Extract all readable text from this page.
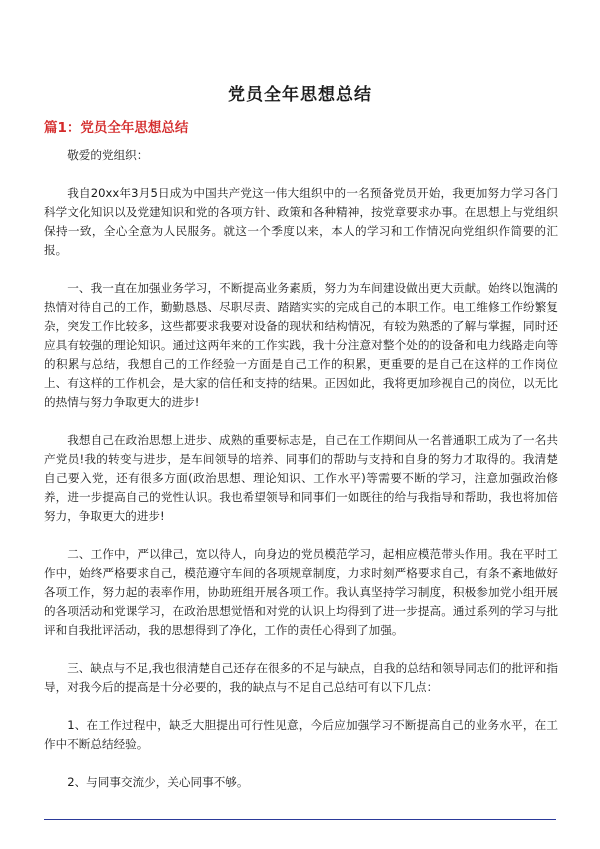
党员全年思想总结
篇1：党员全年思想总结

敬爱的党组织：

我自20xx年3月5日成为中国共产党这一伟大组织中的一名预备党员开始，我更加努力学习各门科学文化知识以及党建知识和党的各项方针、政策和各种精神，按党章要求办事。在思想上与党组织保持一致，全心全意为人民服务。就这一个季度以来，本人的学习和工作情况向党组织作简要的汇报。

一、我一直在加强业务学习，不断提高业务素质，努力为车间建设做出更大贡献。始终以饱满的热情对待自己的工作，勤勤恳恳、尽职尽责、踏踏实实的完成自己的本职工作。电工维修工作纷繁复杂，突发工作比较多，这些都要求我要对设备的现状和结构情况，有较为熟悉的了解与掌握，同时还应具有较强的理论知识。通过这两年来的工作实践，我十分注意对整个处的的设备和电力线路走向等的积累与总结，我想自己的工作经验一方面是自己工作的积累，更重要的是自己在这样的工作岗位上、有这样的工作机会，是大家的信任和支持的结果。正因如此，我将更加珍视自己的岗位，以无比的热情与努力争取更大的进步!

我想自己在政治思想上进步、成熟的重要标志是，自己在工作期间从一名普通职工成为了一名共产党员!我的转变与进步，是车间领导的培养、同事们的帮助与支持和自身的努力才取得的。我清楚自己要入党，还有很多方面(政治思想、理论知识、工作水平)等需要不断的学习，注意加强政治修养，进一步提高自己的党性认识。我也希望领导和同事们一如既往的给与我指导和帮助，我也将加倍努力，争取更大的进步!

二、工作中，严以律己，宽以待人，向身边的党员模范学习，起相应模范带头作用。我在平时工作中，始终严格要求自己，模范遵守车间的各项规章制度，力求时刻严格要求自己，有条不紊地做好各项工作，努力起的表率作用，协助班组开展各项工作。我认真坚持学习制度，积极参加党小组开展的各项活动和党课学习，在政治思想觉悟和对党的认识上均得到了进一步提高。通过系列的学习与批评和自我批评活动，我的思想得到了净化，工作的责任心得到了加强。

三、缺点与不足,我也很清楚自己还存在很多的不足与缺点，自我的总结和领导同志们的批评和指导，对我今后的提高是十分必要的，我的缺点与不足自己总结可有以下几点：

1、在工作过程中，缺乏大胆提出可行性见意，今后应加强学习不断提高自己的业务水平，在工作中不断总结经验。

2、与同事交流少，关心同事不够。
